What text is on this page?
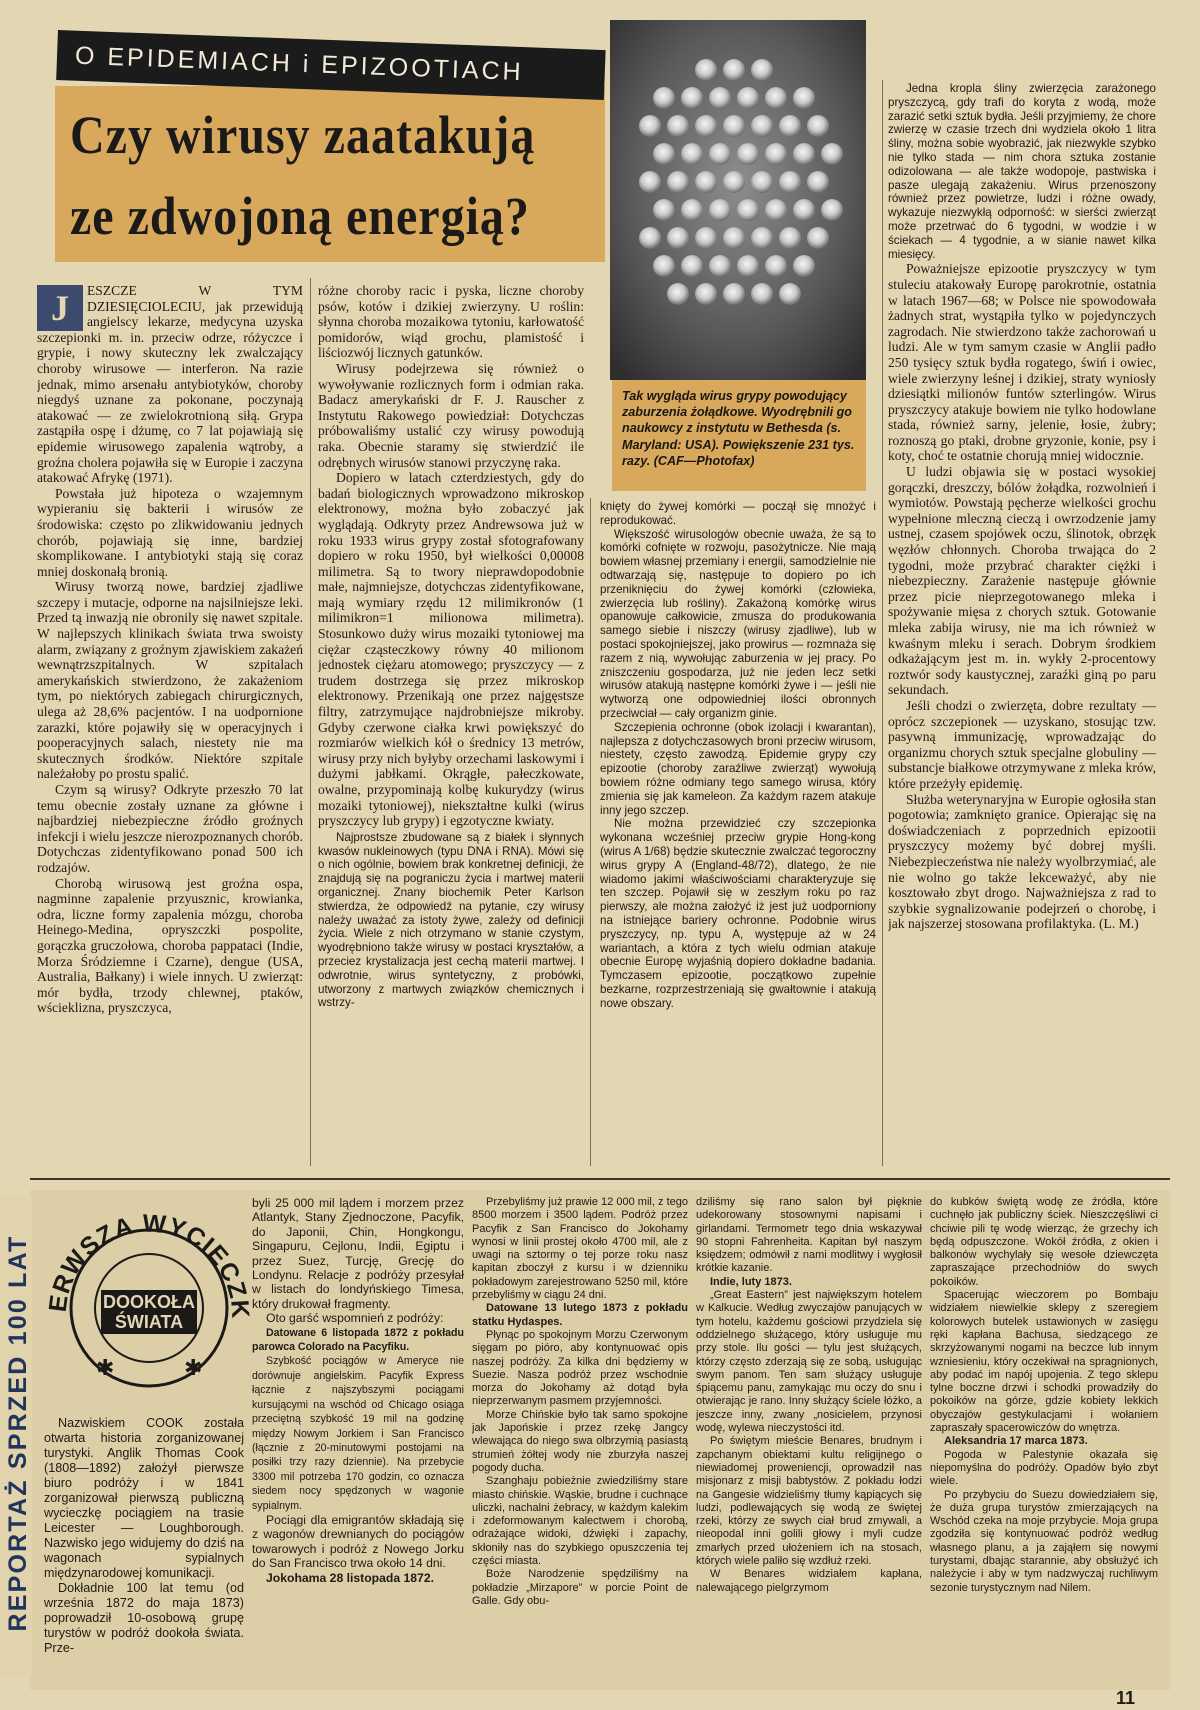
O EPIDEMIACH i EPIZOOTIACH
Czy wirusy zaatakują
ze zdwojoną energią?
Tak wygląda wirus grypy powodujący zaburzenia żołądkowe. Wyodrębnili go naukowcy z instytutu w Bethesda (s. Maryland: USA). Powiększenie 231 tys. razy. (CAF—Photofax)
J	ESZCZE W TYM DZIESIĘCIOLECIU, jak przewidują angielscy lekarze, medycyna uzyska szczepionki m. in. przeciw odrze, różyczce i grypie, i nowy skuteczny lek zwalczający choroby wirusowe — interferon. Na razie jednak, mimo arsenału antybiotyków, choroby niegdyś uznane za pokonane, poczynają atakować — ze zwielokrotnioną siłą. Grypa zastąpiła ospę i dżumę, co 7 lat pojawiają się epidemie wirusowego zapalenia wątroby, a groźna cholera pojawiła się w Europie i zaczyna atakować Afrykę (1971).

Powstała już hipoteza o wzajemnym wypieraniu się bakterii i wirusów ze środowiska: często po zlikwidowaniu jednych chorób, pojawiają się inne, bardziej skomplikowane. I antybiotyki stają się coraz mniej doskonałą bronią.

Wirusy tworzą nowe, bardziej zjadliwe szczepy i mutacje, odporne na najsilniejsze leki. Przed tą inwazją nie obronily się nawet szpitale. W najlepszych klinikach świata trwa swoisty alarm, związany z groźnym zjawiskiem zakażeń wewnątrzszpitalnych. W szpitalach amerykańskich stwierdzono, że zakażeniom tym, po niektórych zabiegach chirurgicznych, ulega aż 28,6% pacjentów. I na uodpornione zarazki, które pojawiły się w operacyjnych i pooperacyjnych salach, niestety nie ma skutecznych środków. Niektóre szpitale należałoby po prostu spalić.

Czym są wirusy? Odkryte przeszło 70 lat temu obecnie zostały uznane za główne i najbardziej niebezpieczne źródło groźnych infekcji i wielu jeszcze nierozpoznanych chorób. Dotychczas zidentyfikowano ponad 500 ich rodzajów.

Chorobą wirusową jest groźna ospa, nagminne zapalenie przyusznic, krowianka, odra, liczne formy zapalenia mózgu, choroba Heinego-Medina, opryszczki pospolite, gorączka gruczołowa, choroba pappataci (Indie, Morza Śródziemne i Czarne), dengue (USA, Australia, Bałkany) i wiele innych. U zwierząt: mór bydła, trzody chlewnej, ptaków, wścieklizna, pryszczyca,

różne choroby racic i pyska, liczne choroby psów, kotów i dzikiej zwierzyny. U roślin: słynna choroba mozaikowa tytoniu, karłowatość pomidorów, wiąd grochu, plamistość i liściozwój licznych gatunków.

Wirusy podejrzewa się również o wywoływanie rozlicznych form i odmian raka. Badacz amerykański dr F. J. Rauscher z Instytutu Rakowego powiedział: Dotychczas próbowaliśmy ustalić czy wirusy powodują raka. Obecnie staramy się stwierdzić ile odrębnych wirusów stanowi przyczynę raka.

Dopiero w latach czterdziestych, gdy do badań biologicznych wprowadzono mikroskop elektronowy, można było zobaczyć jak wyglądają. Odkryty przez Andrewsowa już w roku 1933 wirus grypy został sfotografowany dopiero w roku 1950, był wielkości 0,00008 milimetra. Są to twory nieprawdopodobnie małe, najmniejsze, dotychczas zidentyfikowane, mają wymiary rzędu 12 milimikronów (1 milimikron=1 milionowa milimetra). Stosunkowo duży wirus mozaiki tytoniowej ma ciężar cząsteczkowy równy 40 milionom jednostek ciężaru atomowego; pryszczycy — z trudem dostrzega się przez mikroskop elektronowy. Przenikają one przez najgęstsze filtry, zatrzymujące najdrobniejsze mikroby. Gdyby czerwone ciałka krwi powiększyć do rozmiarów wielkich kół o średnicy 13 metrów, wirusy przy nich byłyby orzechami laskowymi i dużymi jabłkami. Okrągłe, pałeczkowate, owalne, przypominają kolbę kukurydzy (wirus mozaiki tytoniowej), niekształtne kulki (wirus pryszczycy lub grypy) i egzotyczne kwiaty.

Najprostsze zbudowane są z białek i słynnych kwasów nukleinowych (typu DNA i RNA). Mówi się o nich ogólnie, bowiem brak konkretnej definicji, że znajdują się na pograniczu życia i martwej materii organicznej. Znany biochemik Peter Karlson stwierdza, że odpowiedź na pytanie, czy wirusy należy uważać za istoty żywe, zależy od definicji życia. Wiele z nich otrzymano w stanie czystym, wyodrębniono także wirusy w postaci kryształów, a przeciez krystalizacja jest cechą materii martwej. I odwrotnie, wirus syntetyczny, z probówki, utworzony z martwych związków chemicznych i wstrzy-

knięty do żywej komórki — począł się mnożyć i reprodukować.

Większość wirusologów obecnie uważa, że są to komórki cofnięte w rozwoju, pasożytnicze. Nie mają bowiem własnej przemiany i energii, samodzielnie nie odtwarzają się, następuje to dopiero po ich przeniknięciu do żywej komórki (człowieka, zwierzęcia lub rośliny). Zakażoną komórkę wirus opanowuje całkowicie, zmusza do produkowania samego siebie i niszczy (wirusy zjadliwe), lub w postaci spokojniejszej, jako prowirus — rozmnaża się razem z nią, wywołując zaburzenia w jej pracy. Po zniszczeniu gospodarza, już nie jeden lecz setki wirusów atakują następne komórki żywe i — jeśli nie wytworzą one odpowiedniej ilości obronnych przeciwciał — cały organizm ginie.

Szczepienia ochronne (obok izolacji i kwarantan), najlepsza z dotychczasowych broni przeciw wirusom, niestety, często zawodzą. Epidemie grypy czy epizootie (choroby zaraźliwe zwierząt) wywołują bowiem różne odmiany tego samego wirusa, który zmienia się jak kameleon. Za każdym razem atakuje inny jego szczep.

Nie można przewidzieć czy szczepionka wykonana wcześniej przeciw grypie Hong-kong (wirus A 1/68) będzie skutecznie zwalczać tegoroczny wirus grypy A (England-48/72), dlatego, że nie wiadomo jakimi właściwościami charakteryzuje się ten szczep. Pojawił się w zeszłym roku po raz pierwszy, ale można założyć iż jest już uodporniony na istniejące bariery ochronne. Podobnie wirus pryszczycy, np. typu A, występuje aż w 24 wariantach, a która z tych wielu odmian atakuje obecnie Europę wyjaśnią dopiero dokładne badania. Tymczasem epizootie, początkowo zupełnie bezkarne, rozprzestrzeniają się gwałtownie i atakują nowe obszary.

Jedna kropla śliny zwierzęcia zarażonego pryszczycą, gdy trafi do koryta z wodą, może zarazić setki sztuk bydła. Jeśli przyjmiemy, że chore zwierzę w czasie trzech dni wydziela około 1 litra śliny, można sobie wyobrazić, jak niezwykle szybko nie tylko stada — nim chora sztuka zostanie odizolowana — ale także wodopoje, pastwiska i pasze ulegają zakażeniu. Wirus przenoszony również przez powietrze, ludzi i różne owady, wykazuje niezwykłą odporność: w sierści zwierząt może przetrwać do 6 tygodni, w wodzie i w ściekach — 4 tygodnie, a w sianie nawet kilka miesięcy.

Poważniejsze epizootie pryszczycy w tym stuleciu atakowały Europę parokrotnie, ostatnia w latach 1967—68; w Polsce nie spowodowała żadnych strat, wystąpiła tylko w pojedynczych zagrodach. Nie stwierdzono także zachorowań u ludzi. Ale w tym samym czasie w Anglii padło 250 tysięcy sztuk bydła rogatego, świń i owiec, wiele zwierzyny leśnej i dzikiej, straty wyniosły dziesiątki milionów funtów szterlingów. Wirus pryszczycy atakuje bowiem nie tylko hodowlane stada, również sarny, jelenie, łosie, żubry; roznoszą go ptaki, drobne gryzonie, konie, psy i koty, choć te ostatnie chorują mniej widocznie.

U ludzi objawia się w postaci wysokiej gorączki, dreszczy, bólów żołądka, rozwolnień i wymiotów. Powstają pęcherze wielkości grochu wypełnione mleczną cieczą i owrzodzenie jamy ustnej, czasem spojówek oczu, ślinotok, obrzęk węzłów chłonnych. Choroba trwająca do 2 tygodni, może przybrać charakter ciężki i niebezpieczny. Zarażenie następuje głównie przez picie nieprzegotowanego mleka i spożywanie mięsa z chorych sztuk. Gotowanie mleka zabija wirusy, nie ma ich również w kwaśnym mleku i serach. Dobrym środkiem odkażającym jest m. in. wykły 2-procentowy roztwór sody kaustycznej, zaraźki giną po paru sekundach.

Jeśli chodzi o zwierzęta, dobre rezultaty — oprócz szczepionek — uzyskano, stosując tzw. pasywną immunizację, wprowadzając do organizmu chorych sztuk specjalne globuliny — substancje białkowe otrzymywane z mleka krów, które przeżyły epidemię.

Służba weterynaryjna w Europie ogłosiła stan pogotowia; zamknięto granice. Opierając się na doświadczeniach z poprzednich epizootii pryszczycy możemy być dobrej myśli. Niebezpieczeństwa nie należy wyolbrzymiać, ale nie wolno go także lekceważyć, aby nie kosztowało zbyt drogo. Najważniejsza z rad to szybkie sygnalizowanie podejrzeń o chorobę, i jak najszerzej stosowana profilaktyka. (L. M.)

REPORTAŻ SPRZED 100 LAT ERWSZA WYCIECZK
DOOKOŁA
ŚWIATA
✱	✱

Nazwiskiem COOK została otwarta historia zorganizowanej turystyki. Anglik Thomas Cook (1808—1892) założył pierwsze biuro podróży i w 1841 zorganizował pierwszą publiczną wycieczkę pociągiem na trasie Leicester — Loughborough. Nazwisko jego widujemy do dziś na wagonach sypialnych międzynarodowej komunikacji.

Dokładnie 100 lat temu (od września 1872 do maja 1873) poprowadził 10-osobową grupę turystów w podróż dookoła świata. Prze-

byli 25 000 mil lądem i morzem przez Atlantyk, Stany Zjednoczone, Pacyfik, do Japonii, Chin, Hongkongu, Singapuru, Cejlonu, Indii, Egiptu i przez Suez, Turcję, Grecję do Londynu. Relacje z podróży przesyłał w listach do londyńskiego Timesa, który drukował fragmenty.

Oto garść wspomnień z podróży:

Datowane 6 listopada 1872 z pokładu parowca Colorado na Pacyfiku.

Szybkość pociągów w Ameryce nie dorównuje angielskim. Pacyfik Express łącznie z najszybszymi pociągami kursującymi na wschód od Chicago osiąga przeciętną szybkość 19 mil na godzinę między Nowym Jorkiem i San Francisco (łącznie z 20-minutowymi postojami na posiłki trzy razy dziennie). Na przebycie 3300 mil potrzeba 170 godzin, co oznacza siedem nocy spędzonych w wagonie sypialnym.

Pociągi dla emigrantów składają się z wagonów drewnianych do pociągów towarowych i podróż z Nowego Jorku do San Francisco trwa około 14 dni.

Jokohama 28 listopada 1872.

Przebyliśmy już prawie 12 000 mil, z tego 8500 morzem i 3500 lądem. Podróż przez Pacyfik z San Francisco do Jokohamy wynosi w linii prostej około 4700 mil, ale z uwagi na sztormy o tej porze roku nasz kapitan zboczył z kursu i w dzienniku pokładowym zarejestrowano 5250 mil, które przebyliśmy w ciągu 24 dni.

Datowane 13 lutego 1873 z pokładu statku Hydaspes.

Płynąc po spokojnym Morzu Czerwonym sięgam po pióro, aby kontynuować opis naszej podróży. Za kilka dni będziemy w Suezie. Nasza podróż przez wschodnie morza do Jokohamy aż dotąd była nieprzerwanym pasmem przyjemności.

Morze Chińskie było tak samo spokojne jak Japońskie i przez rzekę Jangcy wlewająca do niego swa olbrzymią pasiastą strumień żółtej wody nie zburzyła naszej pogody ducha.

Szanghaju pobieżnie zwiedziliśmy stare miasto chińskie. Wąskie, brudne i cuchnące uliczki, nachalni żebracy, w każdym kalekim i zdeformowanym kalectwem i chorobą, odrażające widoki, dźwięki i zapachy, skłoniły nas do szybkiego opuszczenia tej części miasta.

Boże Narodzenie spędziliśmy na pokładzie „Mirzapore” w porcie Point de Galle. Gdy obu-

dziliśmy się rano salon był pięknie udekorowany stosownymi napisami i girlandami. Termometr tego dnia wskazywał 90 stopni Fahrenheita. Kapitan był naszym księdzem; odmówił z nami modlitwy i wygłosił krótkie kazanie.

Indie, luty 1873.

„Great Eastern” jest największym hotelem w Kalkucie. Według zwyczajów panujących w tym hotelu, każdemu gościowi przydziela się oddzielnego służącego, który usługuje mu przy stole. Ilu gości — tylu jest służących, którzy często zderzają się ze sobą, usługując swym panom. Ten sam służący usługuje śpiącemu panu, zamykając mu oczy do snu i otwierając je rano. Inny służący ściele łóżko, a jeszcze inny, zwany „nosicielem, przynosi wodę, wylewa nieczystości itd.

Po świętym mieście Benares, brudnym i zapchanym obiektami kultu religijnego o niewiadomej proweniencji, oprowadził nas misjonarz z misji babtystów. Z pokładu łodzi na Gangesie widzieliśmy tłumy kąpiących się ludzi, podlewających się wodą ze świętej rzeki, którzy ze swych ciał brud zmywali, a nieopodal inni golili głowy i myli cudze zmarłych przed ułożeniem ich na stosach, których wiele paliło się wzdłuż rzeki.

W Benares widziałem kapłana, nalewającego pielgrzymom

do kubków świętą wodę ze źródła, które cuchnęło jak publiczny ściek. Nieszczęśliwi ci chciwie pili tę wodę wierząc, że grzechy ich będą odpuszczone. Wokół źródła, z okien i balkonów wychylały się wesołe dziewczęta zapraszające przechodniów do swych pokoików.

Spacerując wieczorem po Bombaju widziałem niewielkie sklepy z szeregiem kolorowych butelek ustawionych w zasięgu ręki kapłana Bachusa, siedzącego ze skrzyżowanymi nogami na beczce lub innym wzniesieniu, który oczekiwał na spragnionych, aby podać im napój upojenia. Z tego sklepu tylne boczne drzwi i schodki prowadziły do pokoików na górze, gdzie kobiety lekkich obyczajów gestykulacjami i wołaniem zapraszały spacerowiczów do wnętrza.

Aleksandria 17 marca 1873.

Pogoda w Palestynie okazała się niepomyślna do podróży. Opadów było zbyt wiele.

Po przybyciu do Suezu dowiedziałem się, że duża grupa turystów zmierzających na Wschód czeka na moje przybycie. Moja grupa zgodziła się kontynuować podróż według własnego planu, a ja zająłem się nowymi turystami, dbając starannie, aby obsłużyć ich należycie i aby w tym nadzwyczaj ruchliwym sezonie turystycznym nad Nilem.

11
